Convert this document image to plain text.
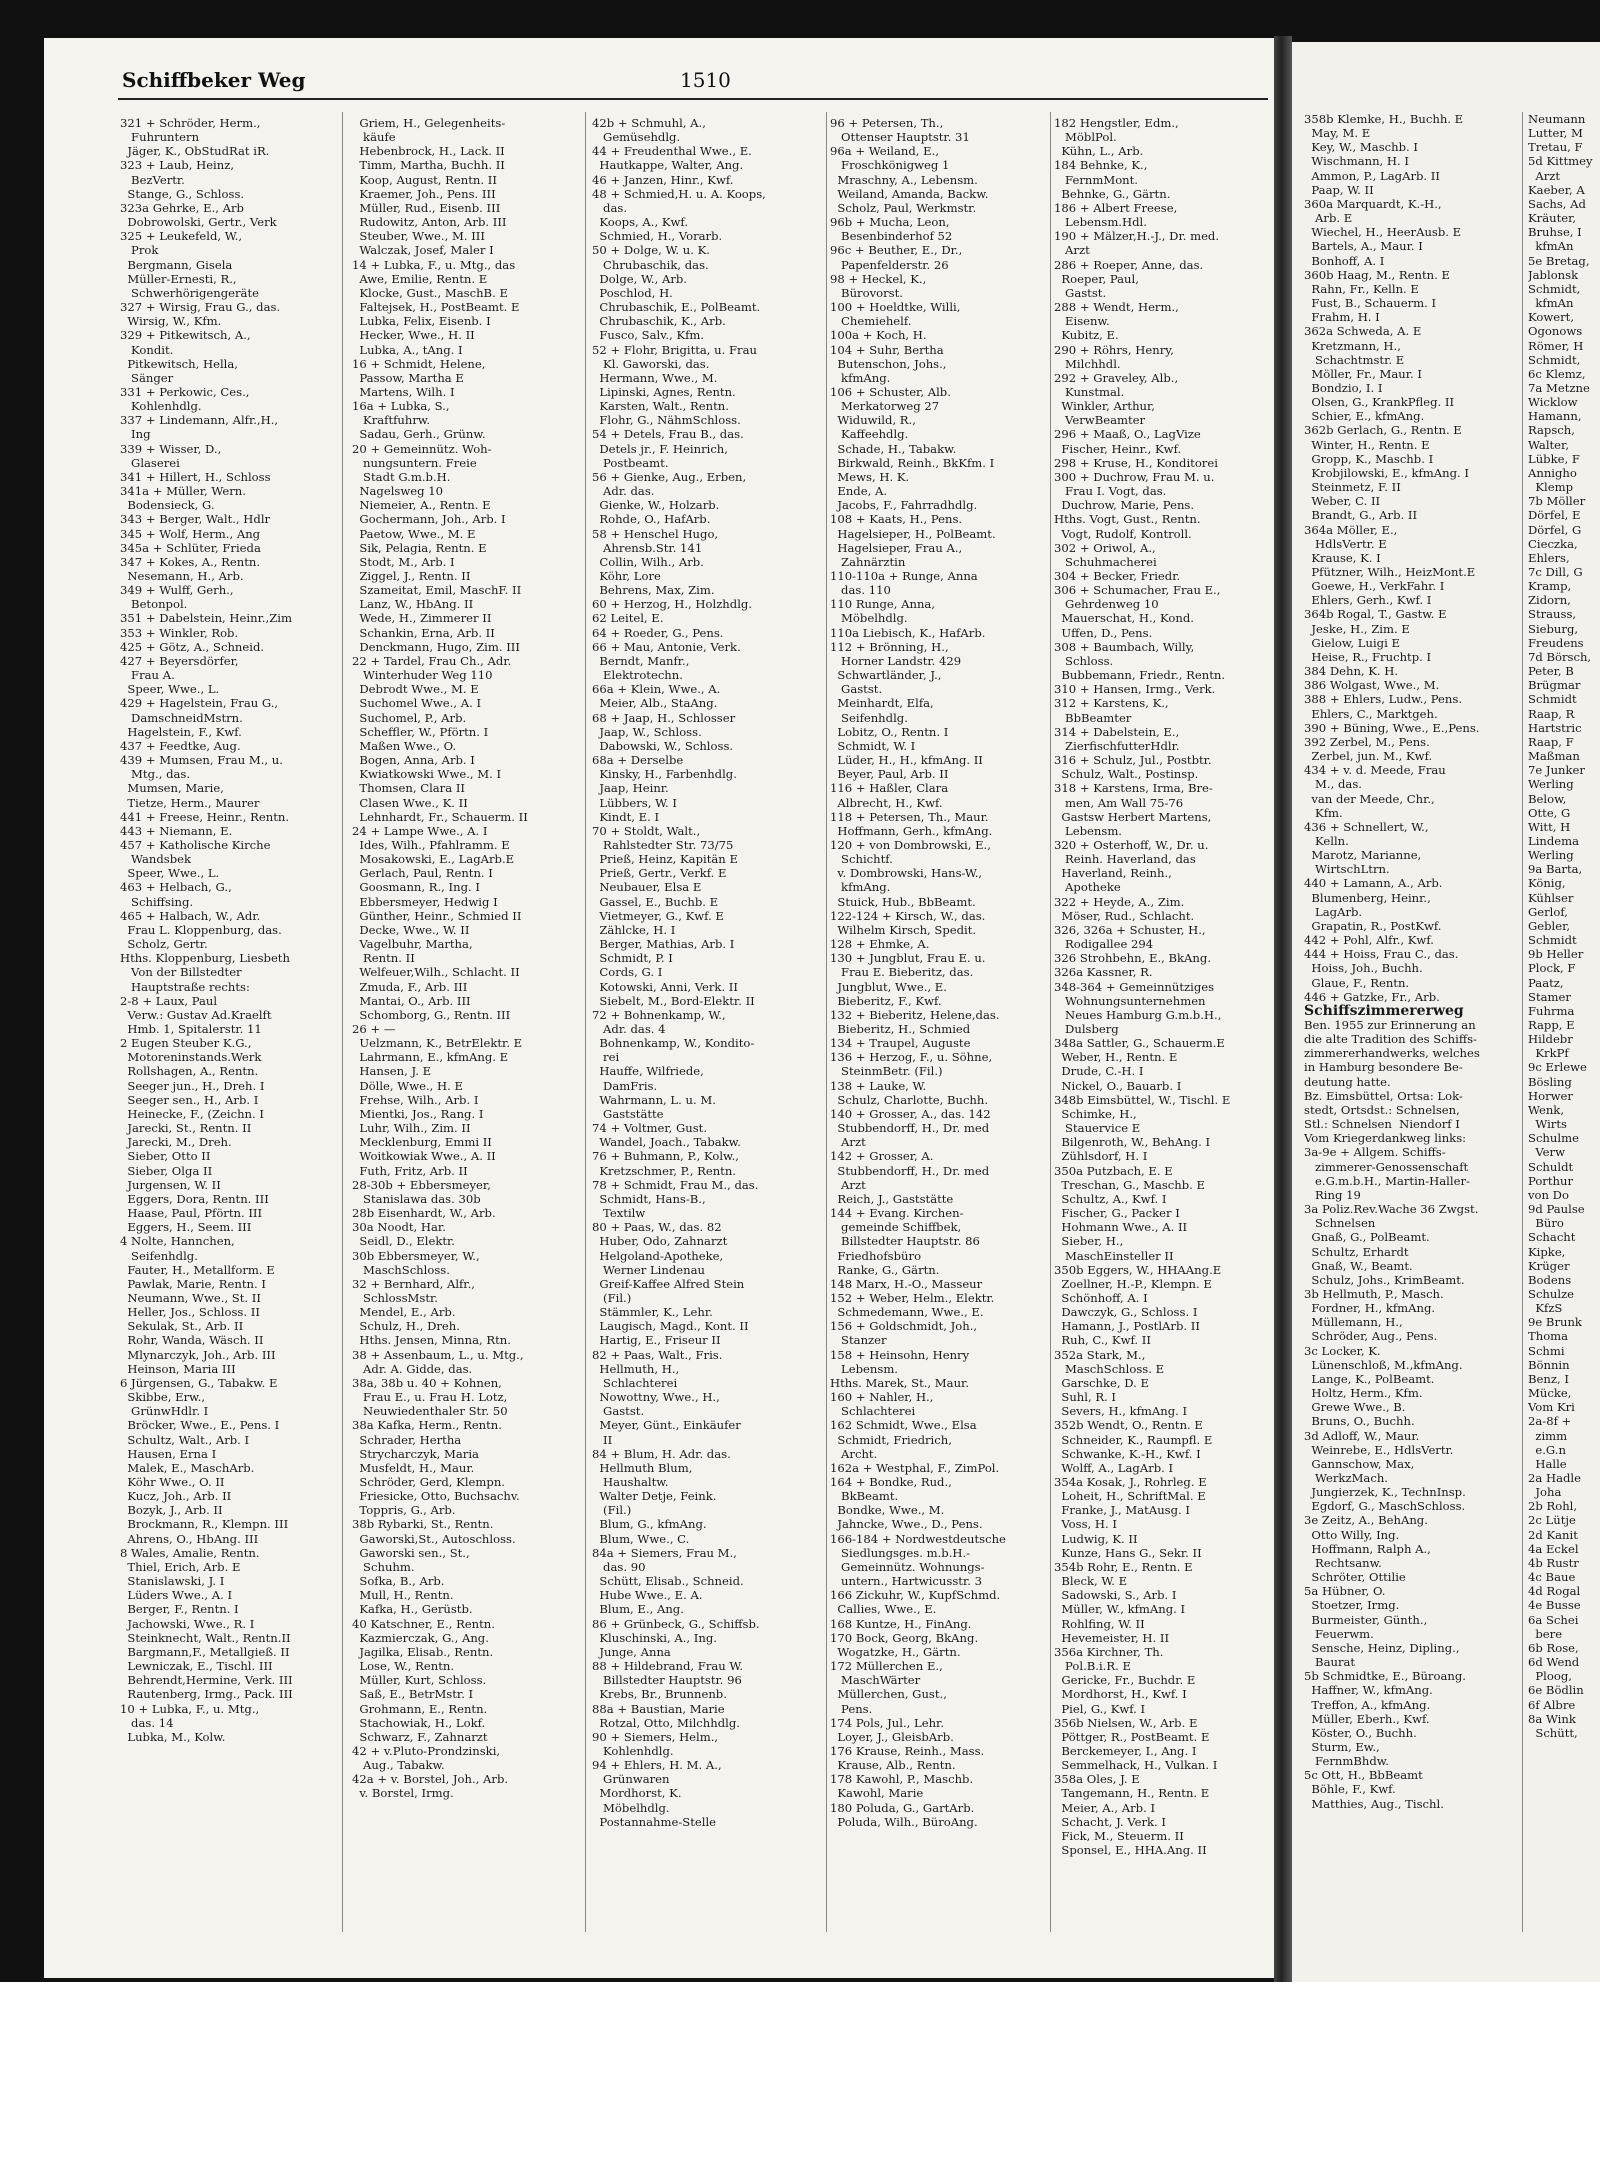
Schiffbeker Weg	1510
321 + Schröder, Herm.,
Fuhruntern
Jäger, K., ObStudRat iR.
323 + Laub, Heinz,
BezVertr.
Stange, G., Schloss.
323a Gehrke, E., Arb
Dobrowolski, Gertr., Verk
325 + Leukefeld, W.,
Prok
Bergmann, Gisela
Müller-Ernesti, R.,
Schwerhörigengeräte
327 + Wirsig, Frau G., das.
Wirsig, W., Kfm.
329 + Pitkewitsch, A.,
Kondit.
Pitkewitsch, Hella,
Sänger
331 + Perkowic, Ces.,
Kohlenhdlg.
337 + Lindemann, Alfr.,H.,
Ing
339 + Wisser, D.,
Glaserei
341 + Hillert, H., Schloss
341a + Müller, Wern.
Bodensieck, G.
343 + Berger, Walt., Hdlr
345 + Wolf, Herm., Ang
345a + Schlüter, Frieda
347 + Kokes, A., Rentn.
Nesemann, H., Arb.
349 + Wulff, Gerh.,
Betonpol.
351 + Dabelstein, Heinr.,Zim
353 + Winkler, Rob.
425 + Götz, A., Schneid.
427 + Beyersdörfer,
Frau A.
Speer, Wwe., L.
429 + Hagelstein, Frau G.,
DamschneidMstrn.
Hagelstein, F., Kwf.
437 + Feedtke, Aug.
439 + Mumsen, Frau M., u.
Mtg., das.
Mumsen, Marie,
Tietze, Herm., Maurer
441 + Freese, Heinr., Rentn.
443 + Niemann, E.
457 + Katholische Kirche
Wandsbek
Speer, Wwe., L.
463 + Helbach, G.,
Schiffsing.
465 + Halbach, W., Adr.
Frau L. Kloppenburg, das.
Scholz, Gertr.
Hths. Kloppenburg, Liesbeth
Von der Billstedter
Hauptstraße rechts:
2-8 + Laux, Paul
Verw.: Gustav Ad.Kraelft
Hmb. 1, Spitalerstr. 11
2 Eugen Steuber K.G.,
Motoreninstands.Werk
Rollshagen, A., Rentn.
Seeger jun., H., Dreh. I
Seeger sen., H., Arb. I
Heinecke, F., (Zeichn. I
Jarecki, St., Rentn. II
Jarecki, M., Dreh.
Sieber, Otto II
Sieber, Olga II
Jurgensen, W. II
Eggers, Dora, Rentn. III
Haase, Paul, Pförtn. III
Eggers, H., Seem. III
4 Nolte, Hannchen,
Seifenhdlg.
Fauter, H., Metallform. E
Pawlak, Marie, Rentn. I
Neumann, Wwe., St. II
Heller, Jos., Schloss. II
Sekulak, St., Arb. II
Rohr, Wanda, Wäsch. II
Mlynarczyk, Joh., Arb. III
Heinson, Maria III
6 Jürgensen, G., Tabakw. E
Skibbe, Erw.,
GrünwHdlr. I
Bröcker, Wwe., E., Pens. I
Schultz, Walt., Arb. I
Hausen, Erna I
Malek, E., MaschArb.
Köhr Wwe., O. II
Kucz, Joh., Arb. II
Bozyk, J., Arb. II
Brockmann, R., Klempn. III
Ahrens, O., HbAng. III
8 Wales, Amalie, Rentn.
Thiel, Erich, Arb. E
Stanislawski, J. I
Lüders Wwe., A. I
Berger, F., Rentn. I
Jachowski, Wwe., R. I
Steinknecht, Walt., Rentn.II
Bargmann,F., Metallgieß. II
Lewniczak, E., Tischl. III
Behrendt,Hermine, Verk. III
Rautenberg, Irmg., Pack. III
10 + Lubka, F., u. Mtg.,
das. 14
Lubka, M., Kolw.
Griem, H., Gelegenheits-
käufe
Hebenbrock, H., Lack. II
Timm, Martha, Buchh. II
Koop, August, Rentn. II
Kraemer, Joh., Pens. III
Müller, Rud., Eisenb. III
Rudowitz, Anton, Arb. III
Steuber, Wwe., M. III
Walczak, Josef, Maler I
14 + Lubka, F., u. Mtg., das
Awe, Emilie, Rentn. E
Klocke, Gust., MaschB. E
Faltejsek, H., PostBeamt. E
Lubka, Felix, Eisenb. I
Hecker, Wwe., H. II
Lubka, A., tAng. I
16 + Schmidt, Helene,
Passow, Martha E
Martens, Wilh. I
16a + Lubka, S.,
Kraftfuhrw.
Sadau, Gerh., Grünw.
20 + Gemeinnütz. Woh-
nungsuntern. Freie
Stadt G.m.b.H.
Nagelsweg 10
Niemeier, A., Rentn. E
Gochermann, Joh., Arb. I
Paetow, Wwe., M. E
Sik, Pelagia, Rentn. E
Stodt, M., Arb. I
Ziggel, J., Rentn. II
Szameitat, Emil, MaschF. II
Lanz, W., HbAng. II
Wede, H., Zimmerer II
Schankin, Erna, Arb. II
Denckmann, Hugo, Zim. III
22 + Tardel, Frau Ch., Adr.
Winterhuder Weg 110
Debrodt Wwe., M. E
Suchomel Wwe., A. I
Suchomel, P., Arb.
Scheffler, W., Pförtn. I
Maßen Wwe., O.
Bogen, Anna, Arb. I
Kwiatkowski Wwe., M. I
Thomsen, Clara II
Clasen Wwe., K. II
Lehnhardt, Fr., Schauerm. II
24 + Lampe Wwe., A. I
Ides, Wilh., Pfahlramm. E
Mosakowski, E., LagArb.E
Gerlach, Paul, Rentn. I
Goosmann, R., Ing. I
Ebbersmeyer, Hedwig I
Günther, Heinr., Schmied II
Decke, Wwe., W. II
Vagelbuhr, Martha,
Rentn. II
Welfeuer,Wilh., Schlacht. II
Zmuda, F., Arb. III
Mantai, O., Arb. III
Schomborg, G., Rentn. III
26 + —
Uelzmann, K., BetrElektr. E
Lahrmann, E., kfmAng. E
Hansen, J. E
Dölle, Wwe., H. E
Frehse, Wilh., Arb. I
Mientki, Jos., Rang. I
Luhr, Wilh., Zim. II
Mecklenburg, Emmi II
Woitkowiak Wwe., A. II
Futh, Fritz, Arb. II
28-30b + Ebbersmeyer,
Stanislawa das. 30b
28b Eisenhardt, W., Arb.
30a Noodt, Har.
Seidl, D., Elektr.
30b Ebbersmeyer, W.,
MaschSchloss.
32 + Bernhard, Alfr.,
SchlossMstr.
Mendel, E., Arb.
Schulz, H., Dreh.
Hths. Jensen, Minna, Rtn.
38 + Assenbaum, L., u. Mtg.,
Adr. A. Gidde, das.
38a, 38b u. 40 + Kohnen,
Frau E., u. Frau H. Lotz,
Neuwiedenthaler Str. 50
38a Kafka, Herm., Rentn.
Schrader, Hertha
Strycharczyk, Maria
Musfeldt, H., Maur.
Schröder, Gerd, Klempn.
Friesicke, Otto, Buchsachv.
Toppris, G., Arb.
38b Rybarki, St., Rentn.
Gaworski,St., Autoschloss.
Gaworski sen., St.,
Schuhm.
Sofka, B., Arb.
Mull, H., Rentn.
Kafka, H., Gerüstb.
40 Katschner, E., Rentn.
Kazmierczak, G., Ang.
Jagilka, Elisab., Rentn.
Lose, W., Rentn.
Müller, Kurt, Schloss.
Saß, E., BetrMstr. I
Grohmann, E., Rentn.
Stachowiak, H., Lokf.
Schwarz, F., Zahnarzt
42 + v.Pluto-Prondzinski,
Aug., Tabakw.
42a + v. Borstel, Joh., Arb.
v. Borstel, Irmg.
42b + Schmuhl, A.,
Gemüsehdlg.
44 + Freudenthal Wwe., E.
Hautkappe, Walter, Ang.
46 + Janzen, Hinr., Kwf.
48 + Schmied,H. u. A. Koops,
das.
Koops, A., Kwf.
Schmied, H., Vorarb.
50 + Dolge, W. u. K.
Chrubaschik, das.
Dolge, W., Arb.
Poschlod, H.
Chrubaschik, E., PolBeamt.
Chrubaschik, K., Arb.
Fusco, Salv., Kfm.
52 + Flohr, Brigitta, u. Frau
Kl. Gaworski, das.
Hermann, Wwe., M.
Lipinski, Agnes, Rentn.
Karsten, Walt., Rentn.
Flohr, G., NähmSchloss.
54 + Detels, Frau B., das.
Detels jr., F. Heinrich,
Postbeamt.
56 + Gienke, Aug., Erben,
Adr. das.
Gienke, W., Holzarb.
Rohde, O., HafArb.
58 + Henschel Hugo,
Ahrensb.Str. 141
Collin, Wilh., Arb.
Köhr, Lore
Behrens, Max, Zim.
60 + Herzog, H., Holzhdlg.
62 Leitel, E.
64 + Roeder, G., Pens.
66 + Mau, Antonie, Verk.
Berndt, Manfr.,
Elektrotechn.
66a + Klein, Wwe., A.
Meier, Alb., StaAng.
68 + Jaap, H., Schlosser
Jaap, W., Schloss.
Dabowski, W., Schloss.
68a + Derselbe
Kinsky, H., Farbenhdlg.
Jaap, Heinr.
Lübbers, W. I
Kindt, E. I
70 + Stoldt, Walt.,
Rahlstedter Str. 73/75
Prieß, Heinz, Kapitän E
Prieß, Gertr., Verkf. E
Neubauer, Elsa E
Gassel, E., Buchb. E
Vietmeyer, G., Kwf. E
Zählcke, H. I
Berger, Mathias, Arb. I
Schmidt, P. I
Cords, G. I
Kotowski, Anni, Verk. II
Siebelt, M., Bord-Elektr. II
72 + Bohnenkamp, W.,
Adr. das. 4
Bohnenkamp, W., Kondito-
rei
Hauffe, Wilfriede,
DamFris.
Wahrmann, L. u. M.
Gaststätte
74 + Voltmer, Gust.
Wandel, Joach., Tabakw.
76 + Buhmann, P., Kolw.,
Kretzschmer, P., Rentn.
78 + Schmidt, Frau M., das.
Schmidt, Hans-B.,
Textilw
80 + Paas, W., das. 82
Huber, Odo, Zahnarzt
Helgoland-Apotheke,
Werner Lindenau
Greif-Kaffee Alfred Stein
(Fil.)
Stämmler, K., Lehr.
Laugisch, Magd., Kont. II
Hartig, E., Friseur II
82 + Paas, Walt., Fris.
Hellmuth, H.,
Schlachterei
Nowottny, Wwe., H.,
Gastst.
Meyer, Günt., Einkäufer
II
84 + Blum, H. Adr. das.
Hellmuth Blum,
Haushaltw.
Walter Detje, Feink.
(Fil.)
Blum, G., kfmAng.
Blum, Wwe., C.
84a + Siemers, Frau M.,
das. 90
Schütt, Elisab., Schneid.
Hube Wwe., E. A.
Blum, E., Ang.
86 + Grünbeck, G., Schiffsb.
Kluschinski, A., Ing.
Junge, Anna
88 + Hildebrand, Frau W.
Billstedter Hauptstr. 96
Krebs, Br., Brunnenb.
88a + Baustian, Marie
Rotzal, Otto, Milchhdlg.
90 + Siemers, Helm.,
Kohlenhdlg.
94 + Ehlers, H. M. A.,
Grünwaren
Mordhorst, K.
Möbelhdlg.
Postannahme-Stelle
96 + Petersen, Th.,
Ottenser Hauptstr. 31
96a + Weiland, E.,
Froschkönigweg 1
Mraschny, A., Lebensm.
Weiland, Amanda, Backw.
Scholz, Paul, Werkmstr.
96b + Mucha, Leon,
Besenbinderhof 52
96c + Beuther, E., Dr.,
Papenfelderstr. 26
98 + Heckel, K.,
Bürovorst.
100 + Hoeldtke, Willi,
Chemiehelf.
100a + Koch, H.
104 + Suhr, Bertha
Butenschon, Johs.,
kfmAng.
106 + Schuster, Alb.
Merkatorweg 27
Widuwild, R.,
Kaffeehdlg.
Schade, H., Tabakw.
Birkwald, Reinh., BkKfm. I
Mews, H. K.
Ende, A.
Jacobs, F., Fahrradhdlg.
108 + Kaats, H., Pens.
Hagelsieper, H., PolBeamt.
Hagelsieper, Frau A.,
Zahnärztin
110-110a + Runge, Anna
das. 110
110 Runge, Anna,
Möbelhdlg.
110a Liebisch, K., HafArb.
112 + Brönning, H.,
Horner Landstr. 429
Schwartländer, J.,
Gastst.
Meinhardt, Elfa,
Seifenhdlg.
Lobitz, O., Rentn. I
Schmidt, W. I
Lüder, H., H., kfmAng. II
Beyer, Paul, Arb. II
116 + Haßler, Clara
Albrecht, H., Kwf.
118 + Petersen, Th., Maur.
Hoffmann, Gerh., kfmAng.
120 + von Dombrowski, E.,
Schichtf.
v. Dombrowski, Hans-W.,
kfmAng.
Stuick, Hub., BbBeamt.
122-124 + Kirsch, W., das.
Wilhelm Kirsch, Spedit.
128 + Ehmke, A.
130 + Jungblut, Frau E. u.
Frau E. Bieberitz, das.
Jungblut, Wwe., E.
Bieberitz, F., Kwf.
132 + Bieberitz, Helene,das.
Bieberitz, H., Schmied
134 + Traupel, Auguste
136 + Herzog, F., u. Söhne,
SteinmBetr. (Fil.)
138 + Lauke, W.
Schulz, Charlotte, Buchh.
140 + Grosser, A., das. 142
Stubbendorff, H., Dr. med
Arzt
142 + Grosser, A.
Stubbendorff, H., Dr. med
Arzt
Reich, J., Gaststätte
144 + Evang. Kirchen-
gemeinde Schiffbek,
Billstedter Hauptstr. 86
Friedhofsbüro
Ranke, G., Gärtn.
148 Marx, H.-O., Masseur
152 + Weber, Helm., Elektr.
Schmedemann, Wwe., E.
156 + Goldschmidt, Joh.,
Stanzer
158 + Heinsohn, Henry
Lebensm.
Hths. Marek, St., Maur.
160 + Nahler, H.,
Schlachterei
162 Schmidt, Wwe., Elsa
Schmidt, Friedrich,
Archt.
162a + Westphal, F., ZimPol.
164 + Bondke, Rud.,
BkBeamt.
Bondke, Wwe., M.
Jahncke, Wwe., D., Pens.
166-184 + Nordwestdeutsche
Siedlungsges. m.b.H.-
Gemeinnütz. Wohnungs-
untern., Hartwicusstr. 3
166 Zickuhr, W., KupfSchmd.
Callies, Wwe., E.
168 Kuntze, H., FinAng.
170 Bock, Georg, BkAng.
Wogatzke, H., Gärtn.
172 Müllerchen E.,
MaschWärter
Müllerchen, Gust.,
Pens.
174 Pols, Jul., Lehr.
Loyer, J., GleisbArb.
176 Krause, Reinh., Mass.
Krause, Alb., Rentn.
178 Kawohl, P., Maschb.
Kawohl, Marie
180 Poluda, G., GartArb.
Poluda, Wilh., BüroAng.
182 Hengstler, Edm.,
MöblPol.
Kühn, L., Arb.
184 Behnke, K.,
FernmMont.
Behnke, G., Gärtn.
186 + Albert Freese,
Lebensm.Hdl.
190 + Mälzer,H.-J., Dr. med.
Arzt
286 + Roeper, Anne, das.
Roeper, Paul,
Gastst.
288 + Wendt, Herm.,
Eisenw.
Kubitz, E.
290 + Röhrs, Henry,
Milchhdl.
292 + Graveley, Alb.,
Kunstmal.
Winkler, Arthur,
VerwBeamter
296 + Maaß, O., LagVize
Fischer, Heinr., Kwf.
298 + Kruse, H., Konditorei
300 + Duchrow, Frau M. u.
Frau I. Vogt, das.
Duchrow, Marie, Pens.
Hths. Vogt, Gust., Rentn.
Vogt, Rudolf, Kontroll.
302 + Oriwol, A.,
Schuhmacherei
304 + Becker, Friedr.
306 + Schumacher, Frau E.,
Gehrdenweg 10
Mauerschat, H., Kond.
Uffen, D., Pens.
308 + Baumbach, Willy,
Schloss.
Bubbemann, Friedr., Rentn.
310 + Hansen, Irmg., Verk.
312 + Karstens, K.,
BbBeamter
314 + Dabelstein, E.,
ZierfischfutterHdlr.
316 + Schulz, Jul., Postbtr.
Schulz, Walt., Postinsp.
318 + Karstens, Irma, Bre-
men, Am Wall 75-76
Gastsw Herbert Martens,
Lebensm.
320 + Osterhoff, W., Dr. u.
Reinh. Haverland, das
Haverland, Reinh.,
Apotheke
322 + Heyde, A., Zim.
Möser, Rud., Schlacht.
326, 326a + Schuster, H.,
Rodigallee 294
326 Strohbehn, E., BkAng.
326a Kassner, R.
348-364 + Gemeinnütziges
Wohnungsunternehmen
Neues Hamburg G.m.b.H.,
Dulsberg
348a Sattler, G., Schauerm.E
Weber, H., Rentn. E
Drude, C.-H. I
Nickel, O., Bauarb. I
348b Eimsbüttel, W., Tischl. E
Schimke, H.,
Stauervice E
Bilgenroth, W., BehAng. I
Zühlsdorf, H. I
350a Putzbach, E. E
Treschan, G., Maschb. E
Schultz, A., Kwf. I
Fischer, G., Packer I
Hohmann Wwe., A. II
Sieber, H.,
MaschEinsteller II
350b Eggers, W., HHAAng.E
Zoellner, H.-P., Klempn. E
Schönhoff, A. I
Dawczyk, G., Schloss. I
Hamann, J., PostlArb. II
Ruh, C., Kwf. II
352a Stark, M.,
MaschSchloss. E
Garschke, D. E
Suhl, R. I
Severs, H., kfmAng. I
352b Wendt, O., Rentn. E
Schneider, K., Raumpfl. E
Schwanke, K.-H., Kwf. I
Wolff, A., LagArb. I
354a Kosak, J., Rohrleg. E
Loheit, H., SchriftMal. E
Franke, J., MatAusg. I
Voss, H. I
Ludwig, K. II
Kunze, Hans G., Sekr. II
354b Rohr, E., Rentn. E
Bleck, W. E
Sadowski, S., Arb. I
Müller, W., kfmAng. I
Rohlfing, W. II
Hevemeister, H. II
356a Kirchner, Th.
Pol.B.i.R. E
Gericke, Fr., Buchdr. E
Mordhorst, H., Kwf. I
Piel, G., Kwf. I
356b Nielsen, W., Arb. E
Pöttger, R., PostBeamt. E
Berckemeyer, I., Ang. I
Semmelhack, H., Vulkan. I
358a Oles, J. E
Tangemann, H., Rentn. E
Meier, A., Arb. I
Schacht, J. Verk. I
Fick, M., Steuerm. II
Sponsel, E., HHA.Ang. II
358b Klemke, H., Buchh. E
May, M. E
Key, W., Maschb. I
Wischmann, H. I
Ammon, P., LagArb. II
Paap, W. II
360a Marquardt, K.-H.,
Arb. E
Wiechel, H., HeerAusb. E
Bartels, A., Maur. I
Bonhoff, A. I
360b Haag, M., Rentn. E
Rahn, Fr., Kelln. E
Fust, B., Schauerm. I
Frahm, H. I
362a Schweda, A. E
Kretzmann, H.,
Schachtmstr. E
Möller, Fr., Maur. I
Bondzio, I. I
Olsen, G., KrankPfleg. II
Schier, E., kfmAng.
362b Gerlach, G., Rentn. E
Winter, H., Rentn. E
Gropp, K., Maschb. I
Krobjilowski, E., kfmAng. I
Steinmetz, F. II
Weber, C. II
Brandt, G., Arb. II
364a Möller, E.,
HdlsVertr. E
Krause, K. I
Pfützner, Wilh., HeizMont.E
Goewe, H., VerkFahr. I
Ehlers, Gerh., Kwf. I
364b Rogal, T., Gastw. E
Jeske, H., Zim. E
Gielow, Luigi E
Heise, R., Fruchtp. I
384 Dehn, K. H.
386 Wolgast, Wwe., M.
388 + Ehlers, Ludw., Pens.
Ehlers, C., Marktgeh.
390 + Büning, Wwe., E.,Pens.
392 Zerbel, M., Pens.
Zerbel, jun. M., Kwf.
434 + v. d. Meede, Frau
M., das.
van der Meede, Chr.,
Kfm.
436 + Schnellert, W.,
Kelln.
Marotz, Marianne,
WirtschLtrn.
440 + Lamann, A., Arb.
Blumenberg, Heinr.,
LagArb.
Grapatin, R., PostKwf.
442 + Pohl, Alfr., Kwf.
444 + Hoiss, Frau C., das.
Hoiss, Joh., Buchh.
Glaue, F., Rentn.
446 + Gatzke, Fr., Arb.
Schiffszimmererweg
Ben. 1955 zur Erinnerung an
die alte Tradition des Schiffs-
zimmererhandwerks, welches
in Hamburg besondere Be-
deutung hatte.
Bz. Eimsbüttel, Ortsa: Lok-
stedt, Ortsdst.: Schnelsen,
Stl.: Schnelsen  Niendorf I
Vom Kriegerdankweg links:
3a-9e + Allgem. Schiffs-
zimmerer-Genossenschaft
e.G.m.b.H., Martin-Haller-
Ring 19
3a Poliz.Rev.Wache 36 Zwgst.
Schnelsen
Gnaß, G., PolBeamt.
Schultz, Erhardt
Gnaß, W., Beamt.
Schulz, Johs., KrimBeamt.
3b Hellmuth, P., Masch.
Fordner, H., kfmAng.
Müllemann, H.,
Schröder, Aug., Pens.
3c Locker, K.
Lünenschloß, M.,kfmAng.
Lange, K., PolBeamt.
Holtz, Herm., Kfm.
Grewe Wwe., B.
Bruns, O., Buchh.
3d Adloff, W., Maur.
Weinrebe, E., HdlsVertr.
Gannschow, Max,
WerkzMach.
Jungierzek, K., TechnInsp.
Egdorf, G., MaschSchloss.
3e Zeitz, A., BehAng.
Otto Willy, Ing.
Hoffmann, Ralph A.,
Rechtsanw.
Schröter, Ottilie
5a Hübner, O.
Stoetzer, Irmg.
Burmeister, Günth.,
Feuerwm.
Sensche, Heinz, Dipling.,
Baurat
5b Schmidtke, E., Büroang.
Haffner, W., kfmAng.
Treffon, A., kfmAng.
Müller, Eberh., Kwf.
Köster, O., Buchh.
Sturm, Ew.,
FernmBhdw.
5c Ott, H., BbBeamt
Böhle, F., Kwf.
Matthies, Aug., Tischl.
Neumann
Lutter, M
Tretau, F
5d Kittmey
Arzt
Kaeber, A
Sachs, Ad
Kräuter,
Bruhse, I
kfmAn
5e Bretag,
Jablonsk
Schmidt,
kfmAn
Kowert,
Ogonows
Römer, H
Schmidt,
6c Klemz,
7a Metzne
Wicklow
Hamann,
Rapsch,
Walter,
Lübke, F
Annigho
Klemp
7b Möller
Dörfel, E
Dörfel, G
Cieczka,
Ehlers,
7c Dill, G
Kramp,
Zidorn,
Strauss,
Sieburg,
Freudens
7d Börsch,
Peter, B
Brügmar
Schmidt
Raap, R
Hartstric
Raap, F
Maßman
7e Junker
Werling
Below,
Otte, G
Witt, H
Lindema
Werling
9a Barta,
König,
Kühlser
Gerlof,
Gebler,
Schmidt
9b Heller
Plock, F
Paatz,
Stamer
Fuhrma
Rapp, E
Hildebr
KrkPf
9c Erlewe
Bösling
Horwer
Wenk,
Wirts
Schulme
Verw
Schuldt
Porthur
von Do
9d Paulse
Büro
Schacht
Kipke,
Krüger
Bodens
Schulze
KfzS
9e Brunk
Thoma
Schmi
Bönnin
Benz, I
Mücke,
Vom Kri
2a-8f +
zimm
e.G.n
Halle
2a Hadle
Joha
2b Rohl,
2c Lütje
2d Kanit
4a Eckel
4b Rustr
4c Baue
4d Rogal
4e Busse
6a Schei
bere
6b Rose,
6d Wend
Ploog,
6e Bödlin
6f Albre
8a Wink
Schütt,
